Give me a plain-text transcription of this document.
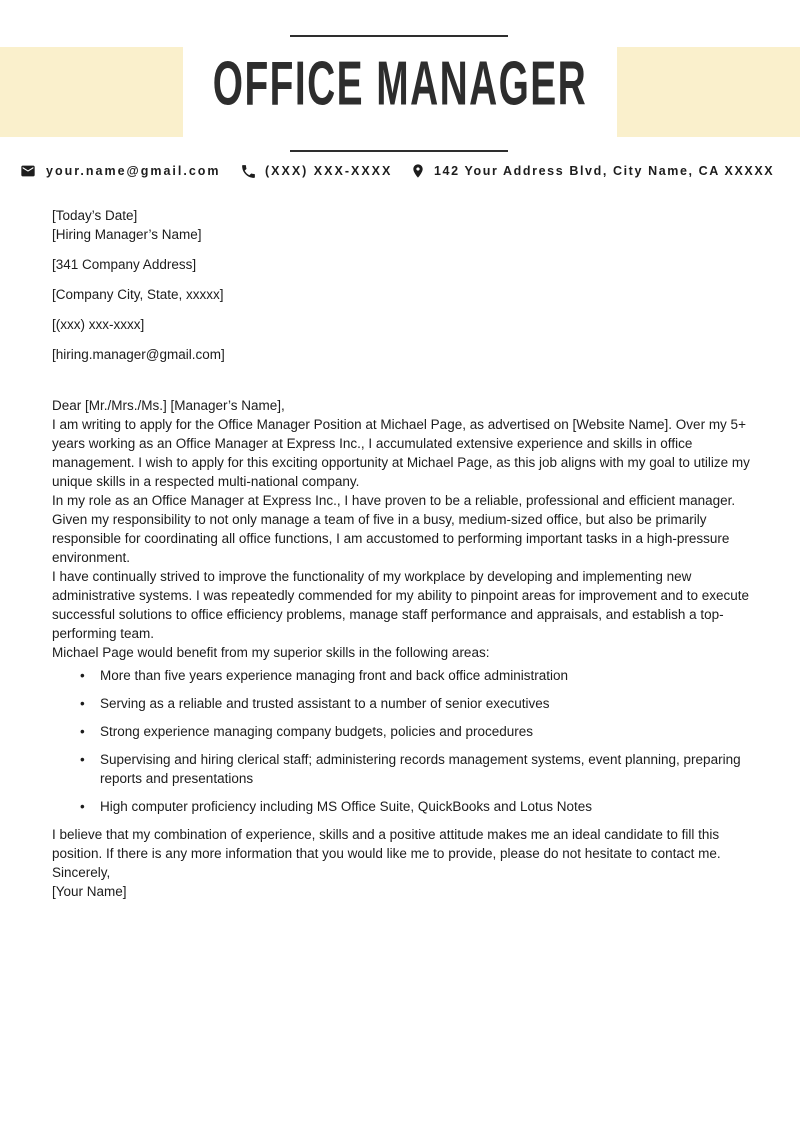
OFFICE MANAGER
your.name@gmail.com	(XXX) XXX-XXXX	142 Your Address Blvd, City Name, CA XXXXX

[Today’s Date]

[Hiring Manager’s Name]

[341 Company Address]

[Company City, State, xxxxx]

[(xxx) xxx-xxxx]

[hiring.manager@gmail.com]

Dear [Mr./Mrs./Ms.] [Manager’s Name],

I am writing to apply for the Office Manager Position at Michael Page, as advertised on [Website Name]. Over my 5+ years working as an Office Manager at Express Inc., I accumulated extensive experience and skills in office management. I wish to apply for this exciting opportunity at Michael Page, as this job aligns with my goal to utilize my unique skills in a respected multi-national company.

In my role as an Office Manager at Express Inc., I have proven to be a reliable, professional and efficient manager. Given my responsibility to not only manage a team of five in a busy, medium-sized office, but also be primarily responsible for coordinating all office functions, I am accustomed to performing important tasks in a high-pressure environment.

I have continually strived to improve the functionality of my workplace by developing and implementing new administrative systems. I was repeatedly commended for my ability to pinpoint areas for improvement and to execute successful solutions to office efficiency problems, manage staff performance and appraisals, and establish a top-performing team.

Michael Page would benefit from my superior skills in the following areas:

• More than five years experience managing front and back office administration
• Serving as a reliable and trusted assistant to a number of senior executives
• Strong experience managing company budgets, policies and procedures
• Supervising and hiring clerical staff; administering records management systems, event planning, preparing reports and presentations
• High computer proficiency including MS Office Suite, QuickBooks and Lotus Notes

I believe that my combination of experience, skills and a positive attitude makes me an ideal candidate to fill this position. If there is any more information that you would like me to provide, please do not hesitate to contact me.

Sincerely,

[Your Name]
